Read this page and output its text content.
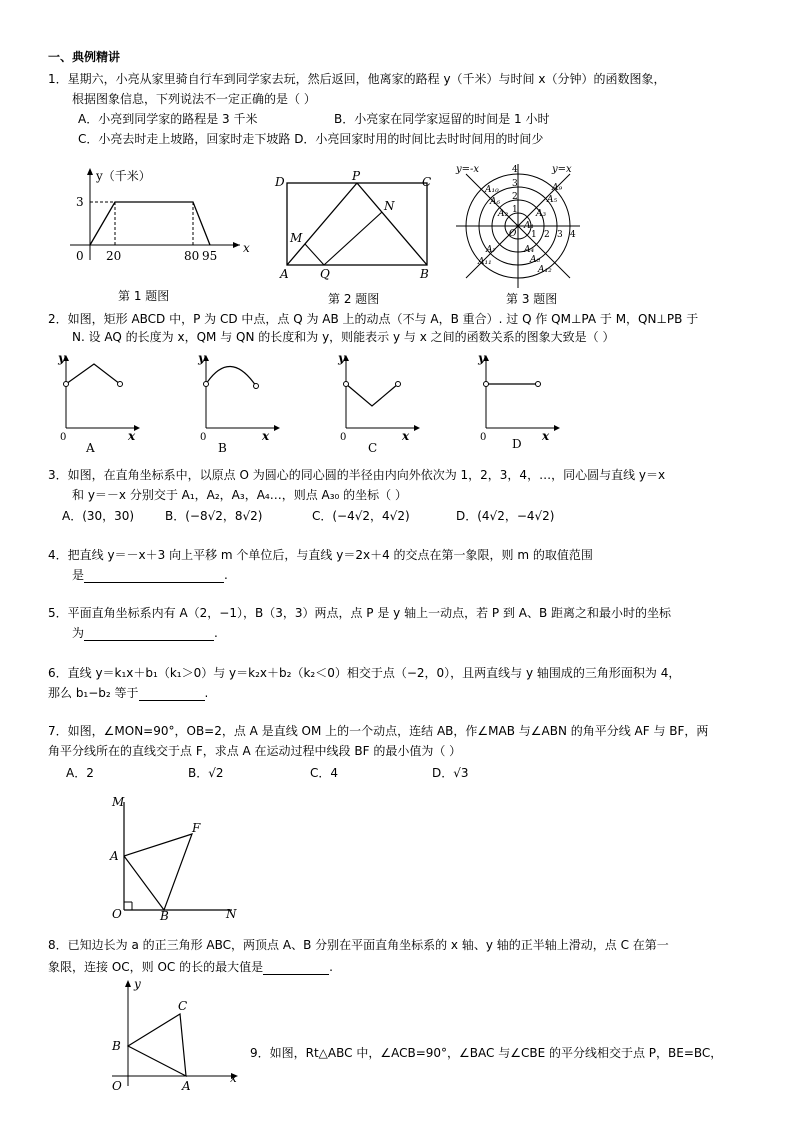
一、典例精讲
1．星期六，小亮从家里骑自行车到同学家去玩，然后返回，他离家的路程 y（千米）与时间 x（分钟）的函数图象，
根据图象信息，下列说法不一定正确的是（ ）
A．小亮到同学家的路程是 3 千米	B．小亮家在同学家逗留的时间是 1 小时
C．小亮去时走上坡路，回家时走下坡路 D．小亮回家时用的时间比去时时间用的时间少
y（千米）
3
0 20	80 95
x
第 1 题图
D	P	C
N
M
A	Q	B
第 2 题图
y=-x	y=x
A₁₀
A₆
A₂
A₅
A₉
A₃
A₁
A₇
A₁₁
A₄
A₈
A₁₂
4
3
2
1
O 1 2 3 4
第 3 题图
2．如图，矩形 ABCD 中，P 为 CD 中点，点 Q 为 AB 上的动点（不与 A，B 重合）. 过 Q 作 QM⊥PA 于 M，QN⊥PB 于
N. 设 AQ 的长度为 x，QM 与 QN 的长度和为 y，则能表示 y 与 x 之间的函数关系的图象大致是（ ）
y
0	x
A
y
0	x
B
y
0	x
C
y
0	x
D
3．如图，在直角坐标系中，以原点 O 为圆心的同心圆的半径由内向外依次为 1，2，3，4，…，同心圆与直线 y＝x
和 y＝－x 分别交于 A₁，A₂，A₃，A₄…，则点 A₃₀ 的坐标（ ）
A．(30，30)	B．(−8√2，8√2)	C．(−4√2，4√2)	D．(4√2，−4√2)
4．把直线 y＝－x＋3 向上平移 m 个单位后，与直线 y＝2x＋4 的交点在第一象限，则 m 的取值范围
是	.
5．平面直角坐标系内有 A（2，−1），B（3，3）两点，点 P 是 y 轴上一动点，若 P 到 A、B 距离之和最小时的坐标
为	.
6．直线 y＝k₁x＋b₁（k₁＞0）与 y＝k₂x＋b₂（k₂＜0）相交于点（−2，0），且两直线与 y 轴围成的三角形面积为 4，
那么 b₁−b₂ 等于	.
7．如图，∠MON=90°，OB=2，点 A 是直线 OM 上的一个动点，连结 AB，作∠MAB 与∠ABN 的角平分线 AF 与 BF，两
角平分线所在的直线交于点 F，求点 A 在运动过程中线段 BF 的最小值为（ ）
A．2	B．√2	C．4	D．√3
M
F
A
O	B	N
8．已知边长为 a 的正三角形 ABC，两顶点 A、B 分别在平面直角坐标系的 x 轴、y 轴的正半轴上滑动，点 C 在第一
象限，连接 OC，则 OC 的长的最大值是	.
y
C
B
O	A
x
9．如图，Rt△ABC 中，∠ACB=90°，∠BAC 与∠CBE 的平分线相交于点 P，BE=BC，
